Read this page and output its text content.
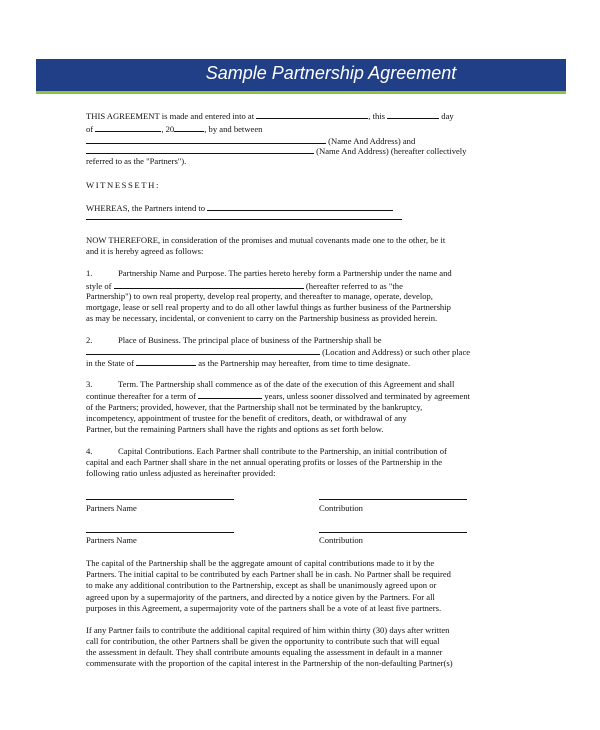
Sample Partnership Agreement
THIS AGREEMENT is made and entered into at	, this	day
of	, 20	, by and between
(Name And Address) and
(Name And Address) (hereafter collectively
referred to as the "Partners").
WITNESSETH:
WHEREAS, the Partners intend to
NOW THEREFORE, in consideration of the promises and mutual covenants made one to the other, be it
and it is hereby agreed as follows:
1.	Partnership Name and Purpose. The parties hereto hereby form a Partnership under the name and
style of	(hereafter referred to as "the
Partnership") to own real property, develop real property, and thereafter to manage, operate, develop,
mortgage, lease or sell real property and to do all other lawful things as further business of the Partnership
as may be necessary, incidental, or convenient to carry on the Partnership business as provided herein.
2.	Place of Business. The principal place of business of the Partnership shall be
(Location and Address) or such other place
in the State of	as the Partnership may hereafter, from time to time designate.
3.	Term. The Partnership shall commence as of the date of the execution of this Agreement and shall
continue thereafter for a term of	years, unless sooner dissolved and terminated by agreement
of the Partners; provided, however, that the Partnership shall not be terminated by the bankruptcy,
incompetency, appointment of trustee for the benefit of creditors, death, or withdrawal of any
Partner, but the remaining Partners shall have the rights and options as set forth below.
4.	Capital Contributions. Each Partner shall contribute to the Partnership, an initial contribution of
capital and each Partner shall share in the net annual operating profits or losses of the Partnership in the
following ratio unless adjusted as hereinafter provided:
Partners Name	Contribution
Partners Name	Contribution
The capital of the Partnership shall be the aggregate amount of capital contributions made to it by the
Partners. The initial capital to be contributed by each Partner shall be in cash. No Partner shall be required
to make any additional contribution to the Partnership, except as shall be unanimously agreed upon or
agreed upon by a supermajority of the partners, and directed by a notice given by the Partners. For all
purposes in this Agreement, a supermajority vote of the partners shall be a vote of at least five partners.
If any Partner fails to contribute the additional capital required of him within thirty (30) days after written
call for contribution, the other Partners shall be given the opportunity to contribute such that will equal
the assessment in default. They shall contribute amounts equaling the assessment in default in a manner
commensurate with the proportion of the capital interest in the Partnership of the non-defaulting Partner(s)
